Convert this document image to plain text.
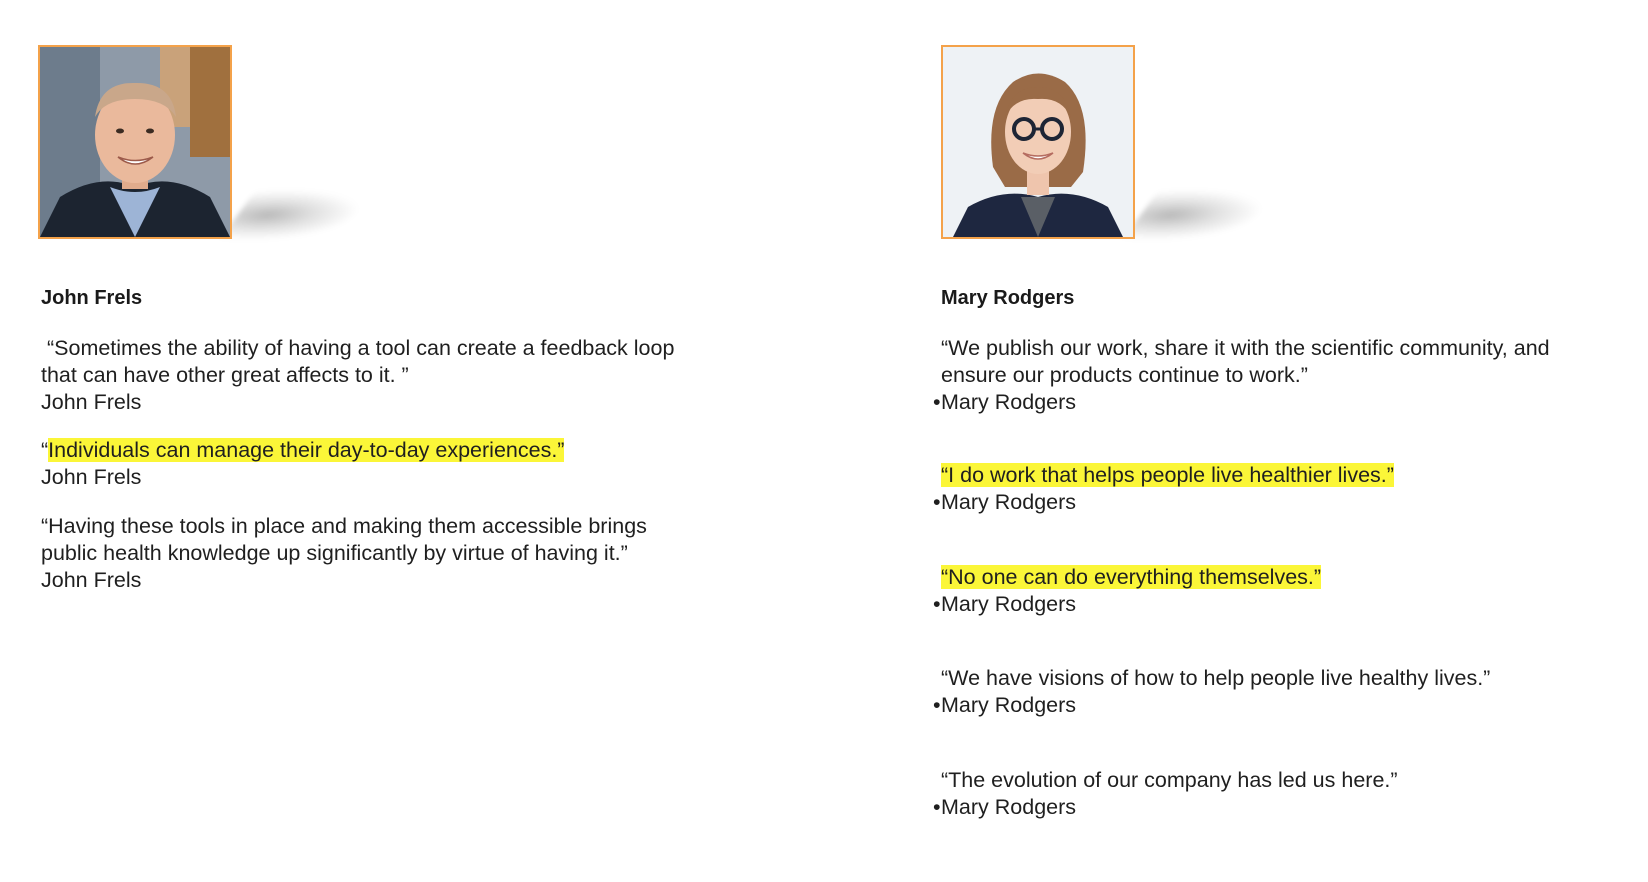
John Frels
“Sometimes the ability of having a tool can create a feedback loop that can have other great affects to it. ”
John Frels
“Individuals can manage their day-to-day experiences.”
John Frels
“Having these tools in place and making them accessible brings public health knowledge up significantly by virtue of having it.”
John Frels
Mary Rodgers
“We publish our work, share it with the scientific community, and ensure our products continue to work.”
•Mary Rodgers
“I do work that helps people live healthier lives.”
•Mary Rodgers
“No one can do everything themselves.”
•Mary Rodgers
“We have visions of how to help people live healthy lives.”
•Mary Rodgers
“The evolution of our company has led us here.”
•Mary Rodgers
